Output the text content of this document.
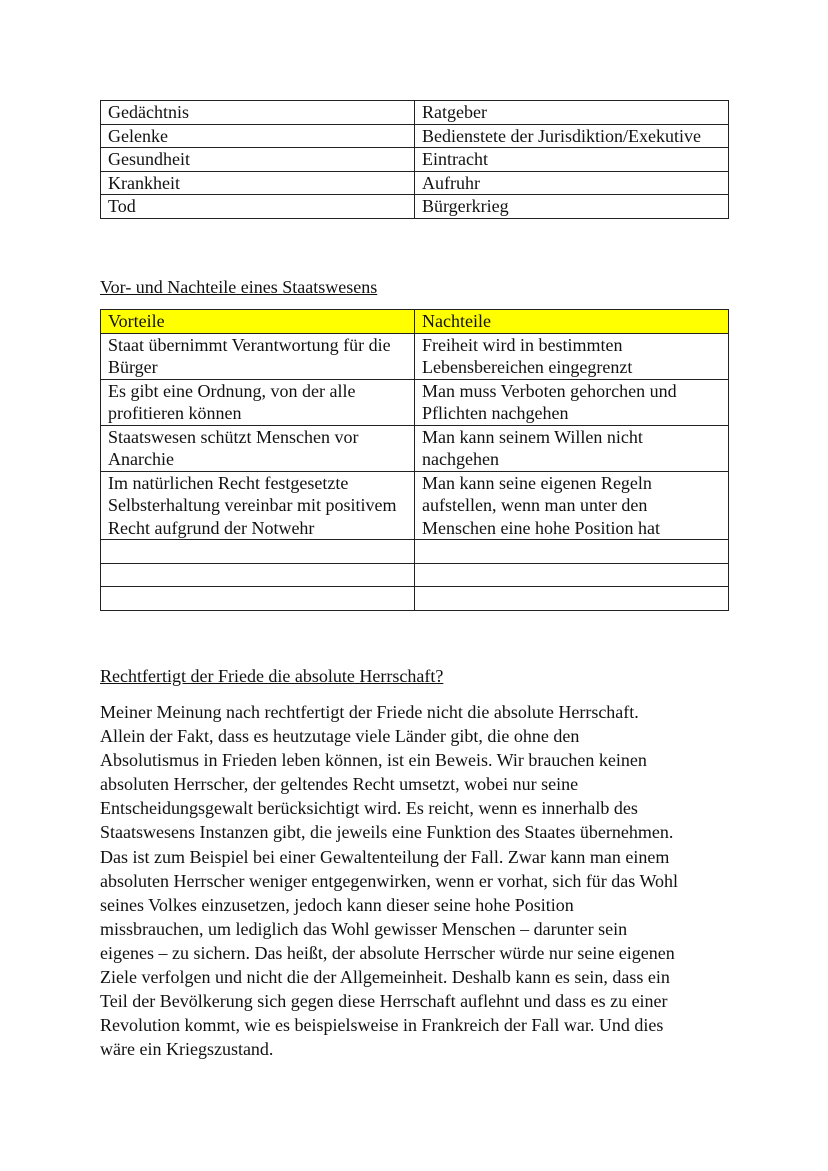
Gedächtnis	Ratgeber
Gelenke	Bedienstete der Jurisdiktion/Exekutive
Gesundheit	Eintracht
Krankheit	Aufruhr
Tod	Bürgerkrieg
Vor- und Nachteile eines Staatswesens
Vorteile	Nachteile
Staat übernimmt Verantwortung für die Bürger	Freiheit wird in bestimmten Lebensbereichen eingegrenzt
Es gibt eine Ordnung, von der alle profitieren können	Man muss Verboten gehorchen und Pflichten nachgehen
Staatswesen schützt Menschen vor Anarchie	Man kann seinem Willen nicht nachgehen
Im natürlichen Recht festgesetzte Selbsterhaltung vereinbar mit positivem Recht aufgrund der Notwehr	Man kann seine eigenen Regeln aufstellen, wenn man unter den Menschen eine hohe Position hat

Rechtfertigt der Friede die absolute Herrschaft?
Meiner Meinung nach rechtfertigt der Friede nicht die absolute Herrschaft.
Allein der Fakt, dass es heutzutage viele Länder gibt, die ohne den
Absolutismus in Frieden leben können, ist ein Beweis. Wir brauchen keinen
absoluten Herrscher, der geltendes Recht umsetzt, wobei nur seine
Entscheidungsgewalt berücksichtigt wird. Es reicht, wenn es innerhalb des
Staatswesens Instanzen gibt, die jeweils eine Funktion des Staates übernehmen.
Das ist zum Beispiel bei einer Gewaltenteilung der Fall. Zwar kann man einem
absoluten Herrscher weniger entgegenwirken, wenn er vorhat, sich für das Wohl
seines Volkes einzusetzen, jedoch kann dieser seine hohe Position
missbrauchen, um lediglich das Wohl gewisser Menschen – darunter sein
eigenes – zu sichern. Das heißt, der absolute Herrscher würde nur seine eigenen
Ziele verfolgen und nicht die der Allgemeinheit. Deshalb kann es sein, dass ein
Teil der Bevölkerung sich gegen diese Herrschaft auflehnt und dass es zu einer
Revolution kommt, wie es beispielsweise in Frankreich der Fall war. Und dies
wäre ein Kriegszustand.
